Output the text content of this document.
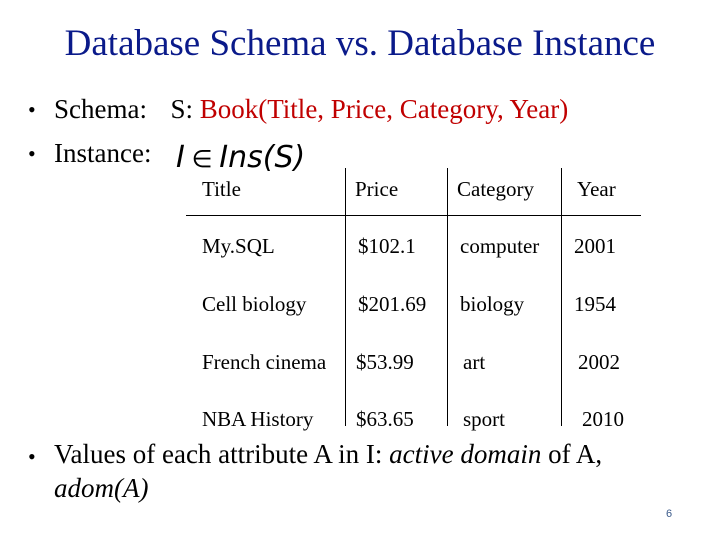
Database Schema vs. Database Instance
• Schema: S: Book(Title, Price, Category, Year)
• Instance: I ∈ Ins(S)
Title	Price	Category Year
My.SQL	$102.1 computer 2001
Cell biology $201.69 biology 1954
French cinema $53.99 art	2002
NBA History $63.65 sport	2010
• Values of each attribute A in I: active domain of A,
adom(A)
6
